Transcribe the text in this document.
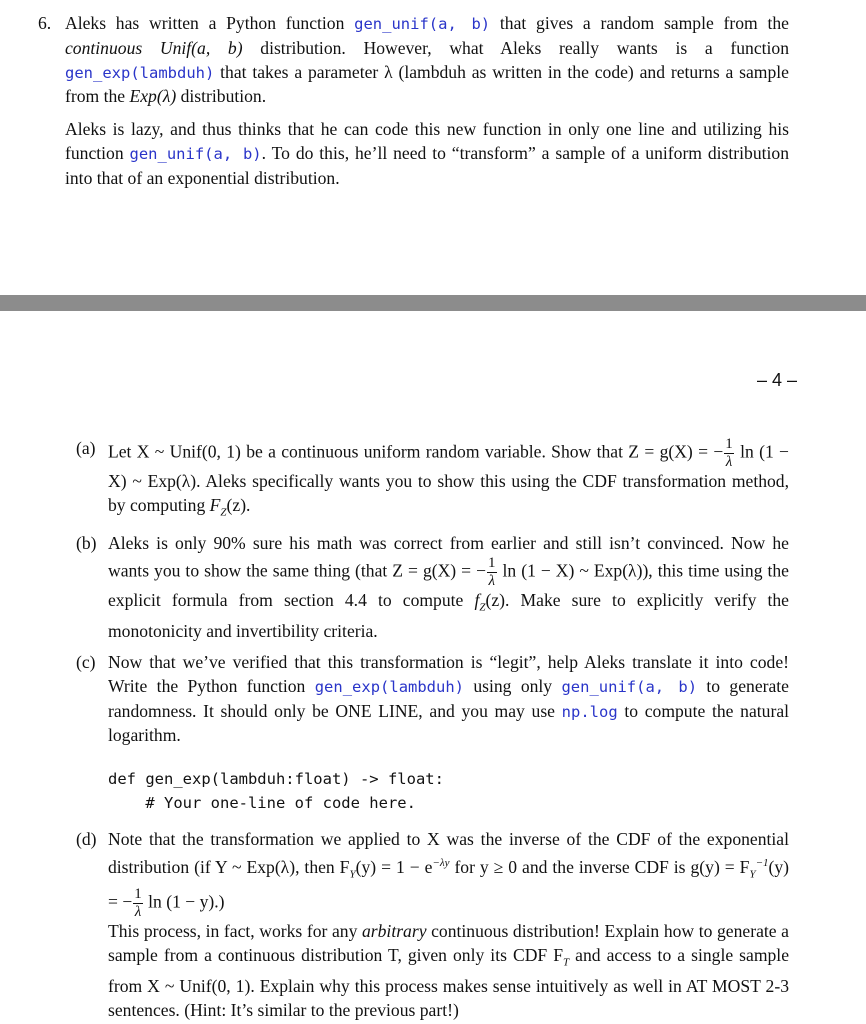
6. Aleks has written a Python function gen_unif(a, b) that gives a random sample from the continuous Unif(a, b) distribution. However, what Aleks really wants is a function gen_exp(lambduh) that takes a parameter λ (lambduh as written in the code) and returns a sample from the Exp(λ) distribution.
Aleks is lazy, and thus thinks that he can code this new function in only one line and utilizing his function gen_unif(a, b). To do this, he’ll need to “transform” a sample of a uniform distribution into that of an exponential distribution.
– 4 –
(a) Let X ~ Unif(0, 1) be a continuous uniform random variable. Show that Z = g(X) = − $\frac{1}{\lambda}$ ln (1 − X) ~ Exp(λ). Aleks specifically wants you to show this using the CDF transformation method, by computing $F_Z(z)$.
(b) Aleks is only 90% sure his math was correct from earlier and still isn’t convinced. Now he wants you to show the same thing (that Z = g(X) = − $\frac{1}{\lambda}$ ln (1 − X) ~ Exp(λ)), this time using the explicit formula from section 4.4 to compute $f_Z(z)$. Make sure to explicitly verify the monotonicity and invertibility criteria.
(c) Now that we’ve verified that this transformation is “legit”, help Aleks translate it into code! Write the Python function gen_exp(lambduh) using only gen_unif(a, b) to generate randomness. It should only be ONE LINE, and you may use np.log to compute the natural logarithm.
def gen_exp(lambduh:float) -> float:
# Your one-line of code here.
(d) Note that the transformation we applied to X was the inverse of the CDF of the exponential distribution (if Y ~ Exp(λ), then $F_Y(y) = 1 - e^{-\lambda y}$ for y ≥ 0 and the inverse CDF is $g(y) = F_Y^{-1}(y)$ = − $\frac{1}{\lambda}$ ln (1 − y).)
This process, in fact, works for any arbitrary continuous distribution! Explain how to generate a sample from a continuous distribution T, given only its CDF $F_T$ and access to a single sample from X ~ Unif(0, 1). Explain why this process makes sense intuitively as well in AT MOST 2-3 sentences. (Hint: It’s similar to the previous part!)
